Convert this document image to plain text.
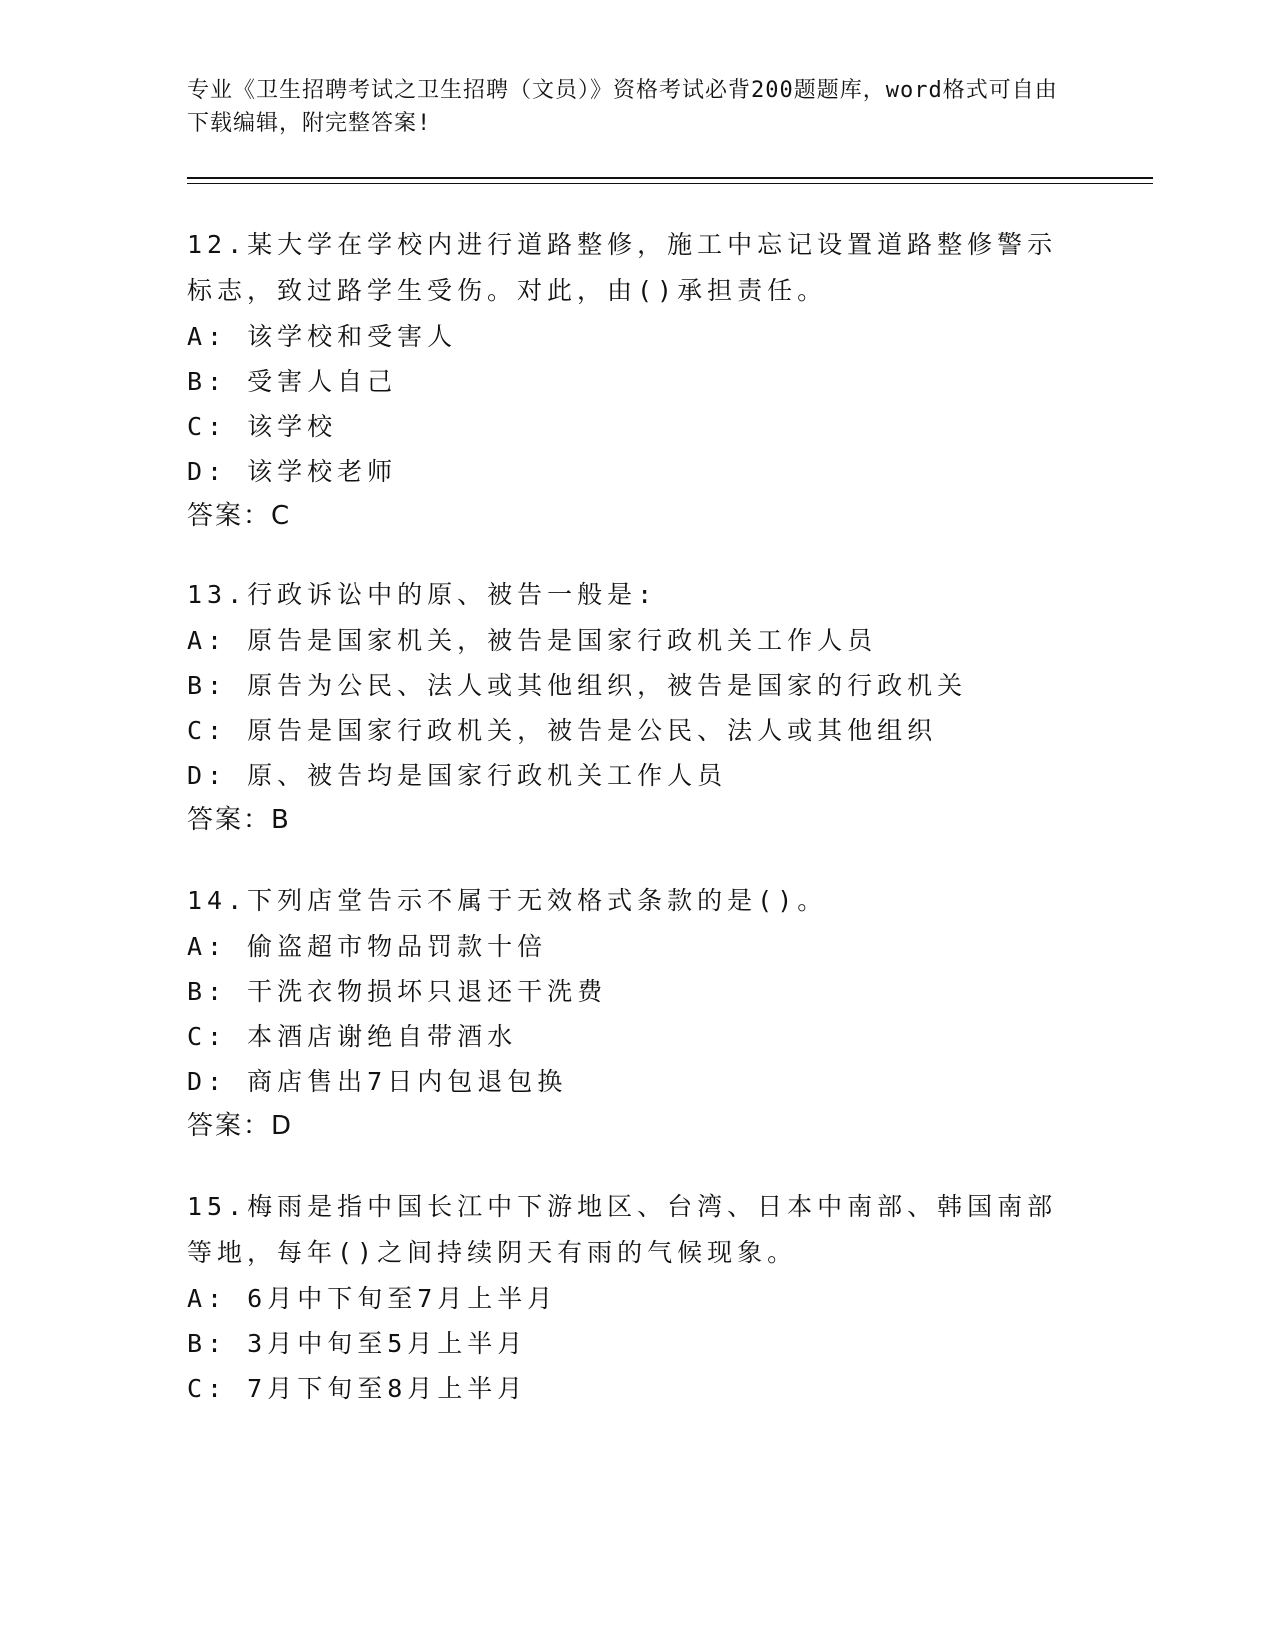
专业《卫生招聘考试之卫生招聘（文员）》资格考试必背200题题库，word格式可自由下载编辑，附完整答案!

12.某大学在学校内进行道路整修，施工中忘记设置道路整修警示标志，致过路学生受伤。对此，由()承担责任。

A: 该学校和受害人

B: 受害人自己

C: 该学校

D: 该学校老师

答案：C

13.行政诉讼中的原、被告一般是:

A: 原告是国家机关，被告是国家行政机关工作人员

B: 原告为公民、法人或其他组织，被告是国家的行政机关

C: 原告是国家行政机关，被告是公民、法人或其他组织

D: 原、被告均是国家行政机关工作人员

答案：B

14.下列店堂告示不属于无效格式条款的是()。

A: 偷盗超市物品罚款十倍

B: 干洗衣物损坏只退还干洗费

C: 本酒店谢绝自带酒水

D: 商店售出7日内包退包换

答案：D

15.梅雨是指中国长江中下游地区、台湾、日本中南部、韩国南部等地，每年()之间持续阴天有雨的气候现象。

A: 6月中下旬至7月上半月

B: 3月中旬至5月上半月

C: 7月下旬至8月上半月
